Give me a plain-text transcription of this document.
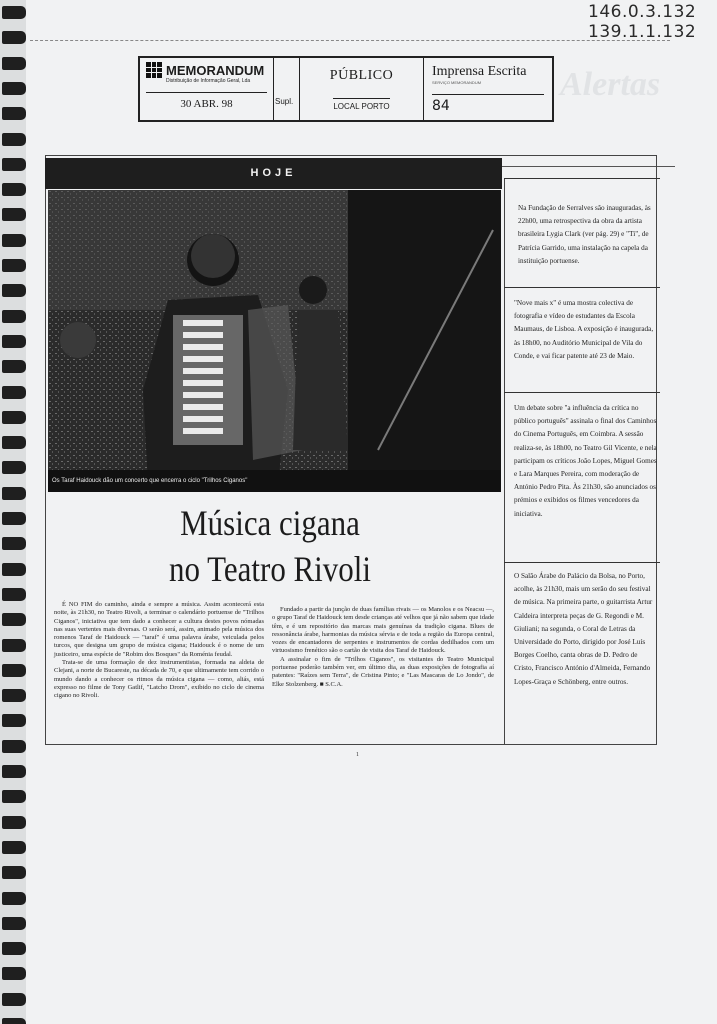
146.0.3.132
139.1.1.132
Alertas
MEMORANDUM
Distribuição de Informação Geral, Lda
30 ABR. 98	Supl.
PÚBLICO
LOCAL PORTO
Imprensa Escrita
SERVIÇO MEMORANDUM
84
HOJE
Os Taraf Haidouck dão um concerto que encerra o ciclo "Trilhos Ciganos"
Música cigana
no Teatro Rivoli

É NO FIM do caminho, ainda e sempre a música. Assim acontecerá esta noite, às 21h30, no Teatro Rivoli, a terminar o calendário portuense de "Trilhos Ciganos", iniciativa que tem dado a conhecer a cultura destes povos nómadas nas suas vertentes mais diversas. O serão será, assim, animado pela música dos romenos Taraf de Haidouck — "taraf" é uma palavra árabe, veiculada pelos turcos, que designa um grupo de música cigana; Haidouck é o nome de um justiceiro, uma espécie de "Robim dos Bosques" da Roménia feudal.

Trata-se de uma formação de dez instrumentistas, formada na aldeia de Clejani, a norte de Bucareste, na década de 70, e que ultimamente tem corrido o mundo dando a conhecer os ritmos da música cigana — como, aliás, está expresso no filme de Tony Gatlif, "Latcho Drom", exibido no ciclo de cinema cigano no Rivoli.

Fundado a partir da junção de duas famílias rivais — os Manolos e os Neacsu —, o grupo Taraf de Haidouck tem desde crianças até velhos que já não sabem que idade têm, e é um repositório das marcas mais genuínas da tradição cigana. Blues de ressonância árabe, harmonias da música sérvia e de toda a região da Europa central, vozes de encantadores de serpentes e instrumentos de cordas dedilhados com um virtuosismo frenético são o cartão de visita dos Taraf de Haidouck.

A assinalar o fim de "Trilhos Ciganos", os visitantes do Teatro Municipal portuense poderão também ver, em último dia, as duas exposições de fotografia aí patentes: "Raízes sem Terra", de Cristina Pinto; e "Las Mascaras de Lo Jondo", de Elke Stolzenberg. ■ S.C.A.

Na Fundação de Serralves são inauguradas, às 22h00, uma retrospectiva da obra da artista brasileira Lygia Clark (ver pág. 29) e "Ti", de Patrícia Garrido, uma instalação na capela da instituição portuense.

"Nove mais x" é uma mostra colectiva de fotografia e vídeo de estudantes da Escola Maumaus, de Lisboa. A exposição é inaugurada, às 18h00, no Auditório Municipal de Vila do Conde, e vai ficar patente até 23 de Maio.

Um debate sobre "a influência da crítica no público português" assinala o final dos Caminhos do Cinema Português, em Coimbra. A sessão realiza-se, às 18h00, no Teatro Gil Vicente, e nela participam os críticos João Lopes, Miguel Gomes e Lara Marques Pereira, com moderação de António Pedro Pita. Às 21h30, são anunciados os prémios e exibidos os filmes vencedores da iniciativa.

O Salão Árabe do Palácio da Bolsa, no Porto, acolhe, às 21h30, mais um serão do seu festival de música. Na primeira parte, o guitarrista Artur Caldeira interpreta peças de G. Regondi e M. Giuliani; na segunda, o Coral de Letras da Universidade do Porto, dirigido por José Luís Borges Coelho, canta obras de D. Pedro de Cristo, Francisco António d'Almeida, Fernando Lopes-Graça e Schönberg, entre outros.

1
